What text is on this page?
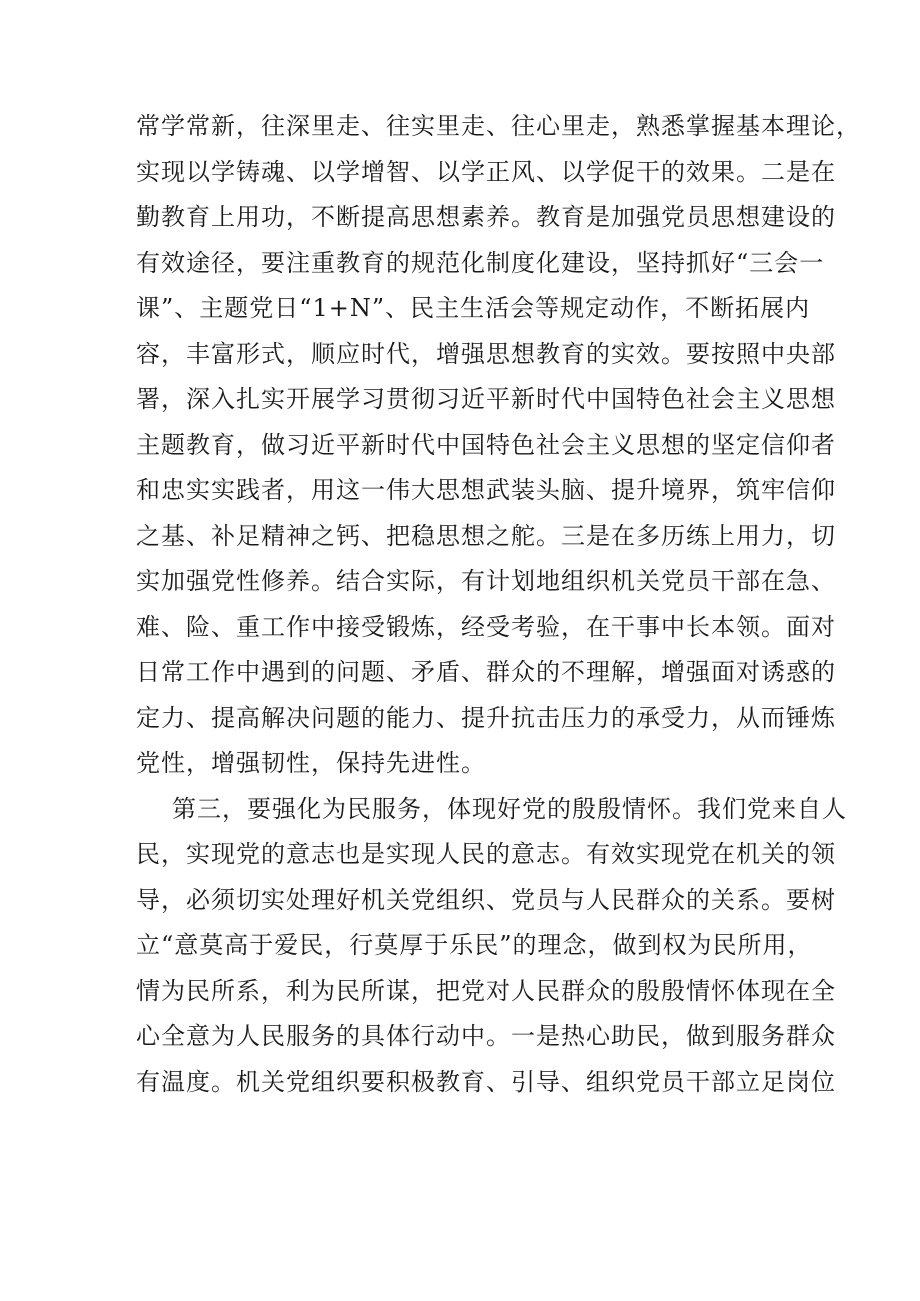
常学常新，往深里走、往实里走、往心里走，熟悉掌握基本理论，
实现以学铸魂、以学增智、以学正风、以学促干的效果。二是在
勤教育上用功，不断提高思想素养。教育是加强党员思想建设的
有效途径，要注重教育的规范化制度化建设，坚持抓好“三会一
课”、主题党日“1+N”、民主生活会等规定动作，不断拓展内
容，丰富形式，顺应时代，增强思想教育的实效。要按照中央部
署，深入扎实开展学习贯彻习近平新时代中国特色社会主义思想
主题教育，做习近平新时代中国特色社会主义思想的坚定信仰者
和忠实实践者，用这一伟大思想武装头脑、提升境界，筑牢信仰
之基、补足精神之钙、把稳思想之舵。三是在多历练上用力，切
实加强党性修养。结合实际，有计划地组织机关党员干部在急、
难、险、重工作中接受锻炼，经受考验，在干事中长本领。面对
日常工作中遇到的问题、矛盾、群众的不理解，增强面对诱惑的
定力、提高解决问题的能力、提升抗击压力的承受力，从而锤炼
党性，增强韧性，保持先进性。
第三，要强化为民服务，体现好党的殷殷情怀。我们党来自人
民，实现党的意志也是实现人民的意志。有效实现党在机关的领
导，必须切实处理好机关党组织、党员与人民群众的关系。要树
立“意莫高于爱民，行莫厚于乐民”的理念，做到权为民所用，
情为民所系，利为民所谋，把党对人民群众的殷殷情怀体现在全
心全意为人民服务的具体行动中。一是热心助民，做到服务群众
有温度。机关党组织要积极教育、引导、组织党员干部立足岗位
